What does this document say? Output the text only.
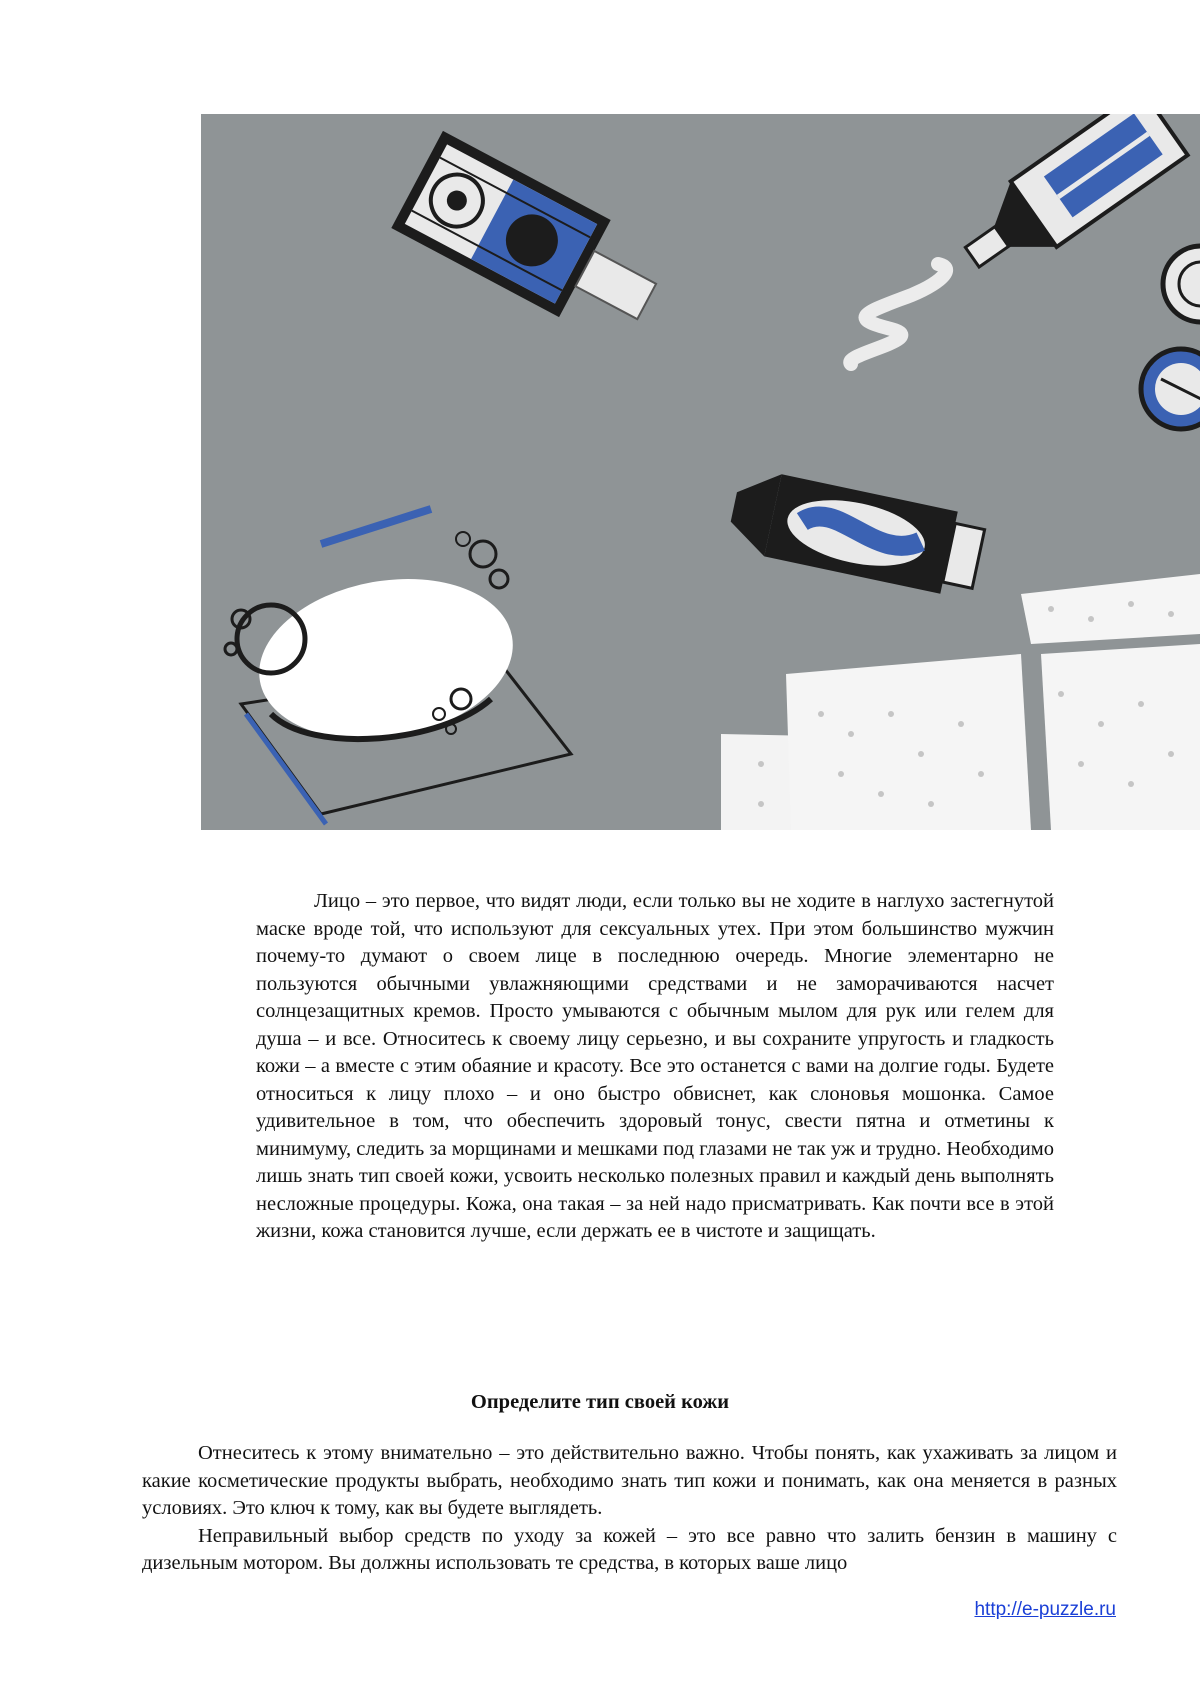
Лицо – это первое, что видят люди, если только вы не ходите в наглухо застегнутой маске вроде той, что используют для сексуальных утех. При этом большинство мужчин почему-то думают о своем лице в последнюю очередь. Многие элементарно не пользуются обычными увлажняющими средствами и не заморачиваются насчет солнцезащитных кремов. Просто умываются с обычным мылом для рук или гелем для душа – и все. Относитесь к своему лицу серьезно, и вы сохраните упругость и гладкость кожи – а вместе с этим обаяние и красоту. Все это останется с вами на долгие годы. Будете относиться к лицу плохо – и оно быстро обвиснет, как слоновья мошонка. Самое удивительное в том, что обеспечить здоровый тонус, свести пятна и отметины к минимуму, следить за морщинами и мешками под глазами не так уж и трудно. Необходимо лишь знать тип своей кожи, усвоить несколько полезных правил и каждый день выполнять несложные процедуры. Кожа, она такая – за ней надо присматривать. Как почти все в этой жизни, кожа становится лучше, если держать ее в чистоте и защищать.

Определите тип своей кожи

Отнеситесь к этому внимательно – это действительно важно. Чтобы понять, как ухаживать за лицом и какие косметические продукты выбрать, необходимо знать тип кожи и понимать, как она меняется в разных условиях. Это ключ к тому, как вы будете выглядеть.

Неправильный выбор средств по уходу за кожей – это все равно что залить бензин в машину с дизельным мотором. Вы должны использовать те средства, в которых ваше лицо

http://e-puzzle.ru
